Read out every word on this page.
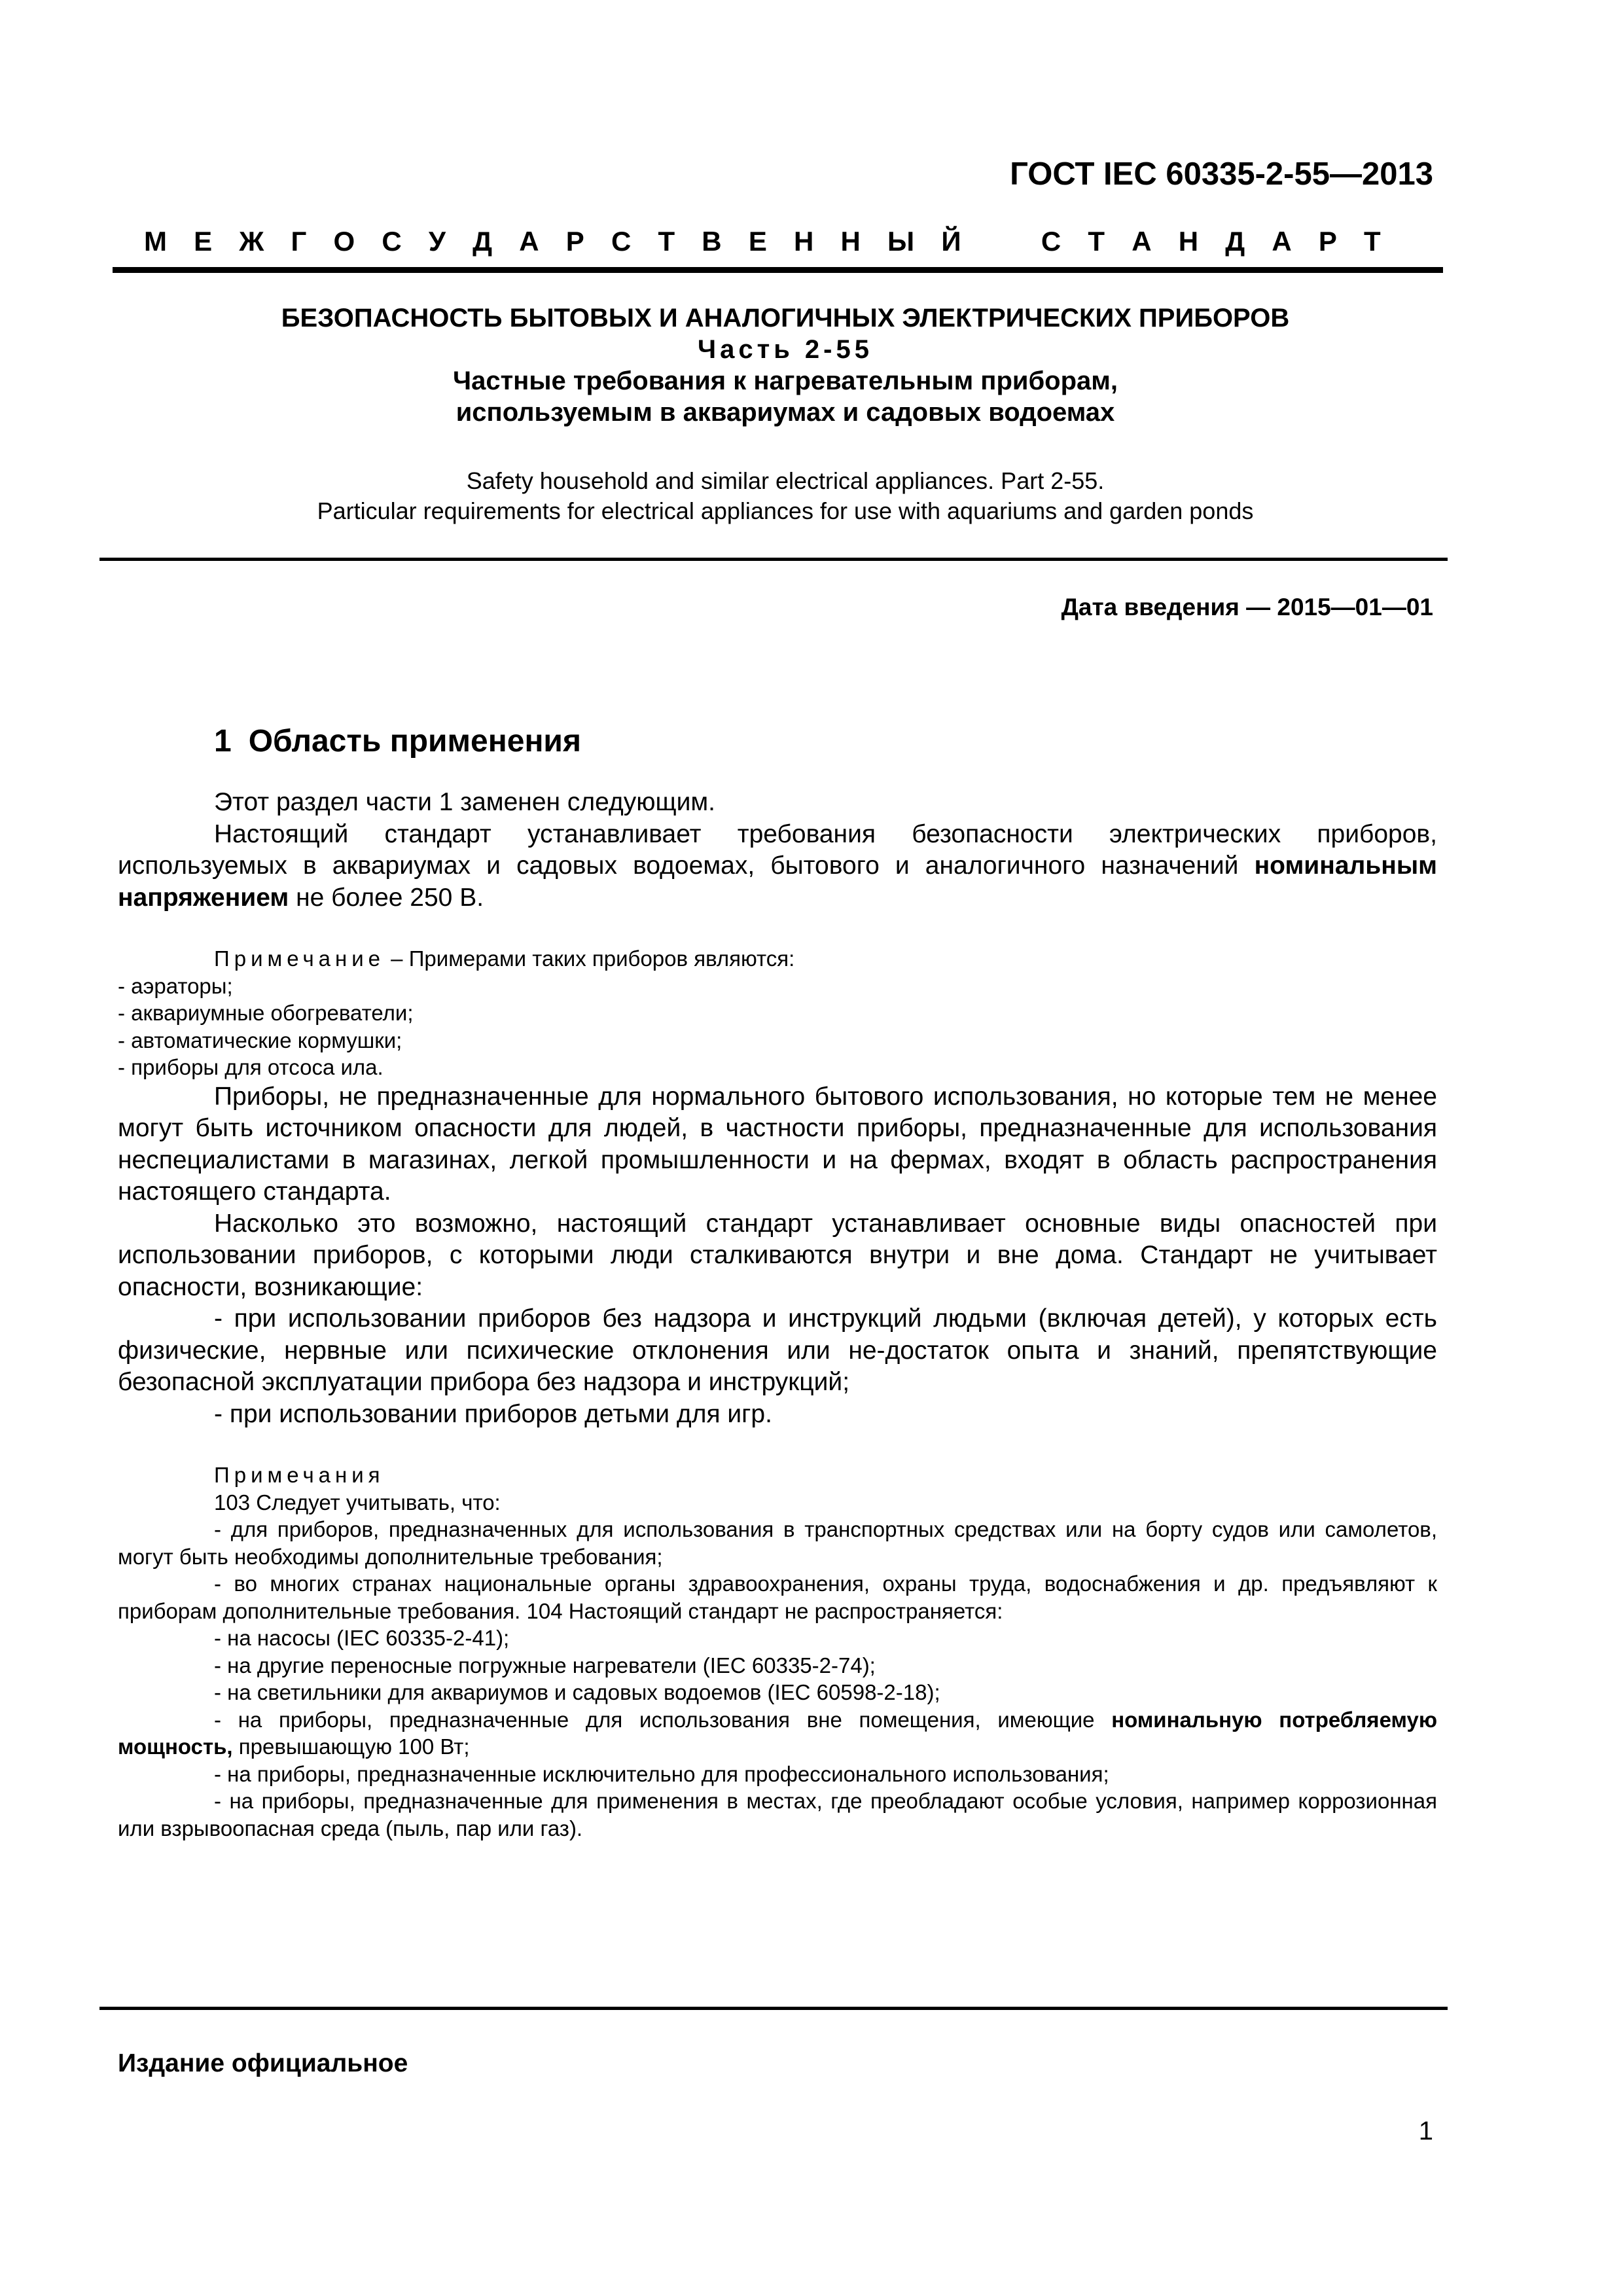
ГОСТ IEC 60335-2-55—2013
М Е Ж Г О С У Д А Р С Т В Е Н Н Ы Й	С Т А Н Д А Р Т
БЕЗОПАСНОСТЬ БЫТОВЫХ И АНАЛОГИЧНЫХ ЭЛЕКТРИЧЕСКИХ ПРИБОРОВ
Часть 2-55
Частные требования к нагревательным приборам,
используемым в аквариумах и садовых водоемах
Safety household and similar electrical appliances. Part 2-55.
Particular requirements for electrical appliances for use with aquariums and garden ponds
Дата введения — 2015—01—01
1 Область применения

Этот раздел части 1 заменен следующим.

Настоящий стандарт устанавливает требования безопасности электрических приборов, используемых в аквариумах и садовых водоемах, бытового и аналогичного назначений номинальным напряжением не более 250 В.

Примечание – Примерами таких приборов являются:

- аэраторы;

- аквариумные обогреватели;

- автоматические кормушки;

- приборы для отсоса ила.

Приборы, не предназначенные для нормального бытового использования, но которые тем не менее могут быть источником опасности для людей, в частности приборы, предназначенные для использования неспециалистами в магазинах, легкой промышленности и на фермах, входят в область распространения настоящего стандарта.

Насколько это возможно, настоящий стандарт устанавливает основные виды опасностей при использовании приборов, с которыми люди сталкиваются внутри и вне дома. Стандарт не учитывает опасности, возникающие:

- при использовании приборов без надзора и инструкций людьми (включая детей), у которых есть физические, нервные или психические отклонения или не-достаток опыта и знаний, препятствующие безопасной эксплуатации прибора без надзора и инструкций;

- при использовании приборов детьми для игр.

Примечания

103 Следует учитывать, что:

- для приборов, предназначенных для использования в транспортных средствах или на борту судов или самолетов, могут быть необходимы дополнительные требования;

- во многих странах национальные органы здравоохранения, охраны труда, водоснабжения и др. предъявляют к приборам дополнительные требования. 104 Настоящий стандарт не распространяется:

- на насосы (IEC 60335-2-41);

- на другие переносные погружные нагреватели (IEC 60335-2-74);

- на светильники для аквариумов и садовых водоемов (IEC 60598-2-18);

- на приборы, предназначенные для использования вне помещения, имеющие номинальную потребляемую мощность, превышающую 100 Вт;

- на приборы, предназначенные исключительно для профессионального использования;

- на приборы, предназначенные для применения в местах, где преобладают особые условия, например коррозионная или взрывоопасная среда (пыль, пар или газ).

Издание официальное
1
